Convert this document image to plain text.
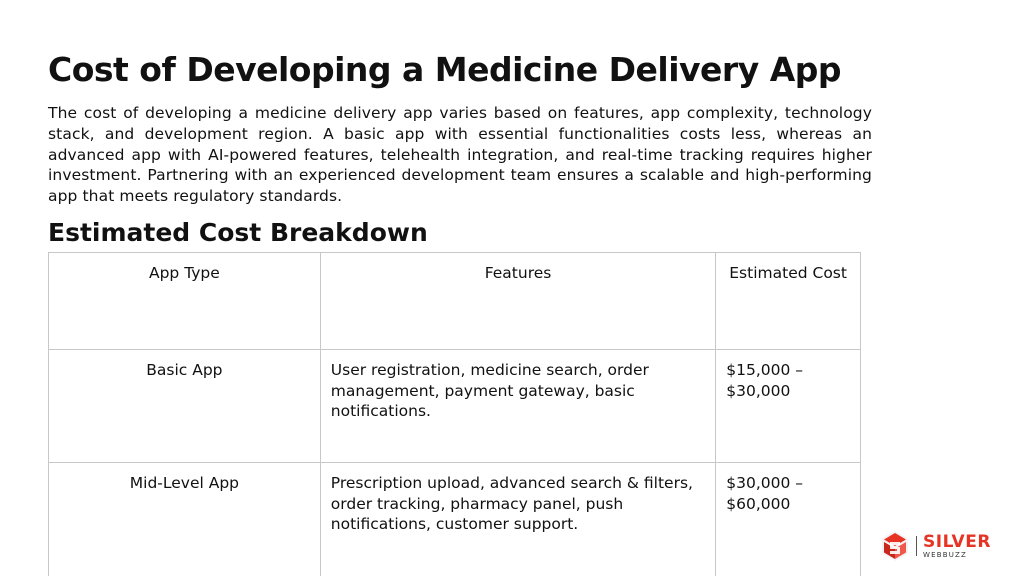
Cost of Developing a Medicine Delivery App

The cost of developing a medicine delivery app varies based on features, app complexity, technology stack, and development region. A basic app with essential functionalities costs less, whereas an advanced app with AI-powered features, telehealth integration, and real-time tracking requires higher investment. Partnering with an experienced development team ensures a scalable and high-performing app that meets regulatory standards.

Estimated Cost Breakdown
App Type	Features	Estimated Cost
Basic App	User registration, medicine search, order management, payment gateway, basic notifications.	$15,000 – $30,000
Mid-Level App	Prescription upload, advanced search & filters, order tracking, pharmacy panel, push notifications, customer support.	$30,000 – $60,000
SILVER
WEBBUZZ
